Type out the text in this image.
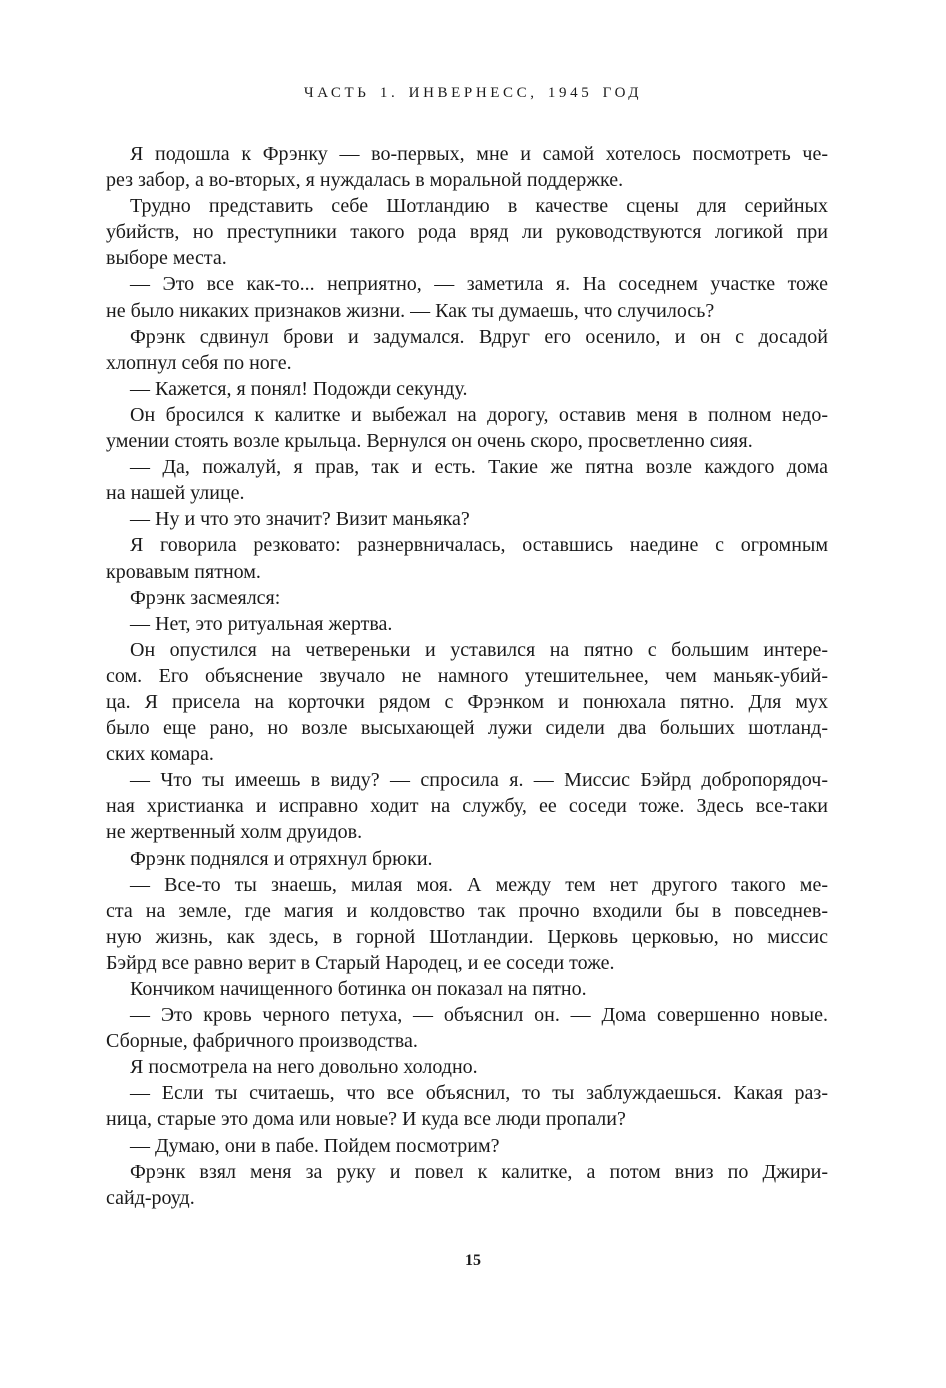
ЧАСТЬ 1. ИНВЕРНЕСС, 1945 ГОД
Я подошла к Фрэнку — во-первых, мне и самой хотелось посмотреть че-
рез забор, а во-вторых, я нуждалась в моральной поддержке.
Трудно представить себе Шотландию в качестве сцены для серийных
убийств, но преступники такого рода вряд ли руководствуются логикой при
выборе места.
— Это все как-то... неприятно, — заметила я. На соседнем участке тоже
не было никаких признаков жизни. — Как ты думаешь, что случилось?
Фрэнк сдвинул брови и задумался. Вдруг его осенило, и он с досадой
хлопнул себя по ноге.
— Кажется, я понял! Подожди секунду.
Он бросился к калитке и выбежал на дорогу, оставив меня в полном недо-
умении стоять возле крыльца. Вернулся он очень скоро, просветленно сияя.
— Да, пожалуй, я прав, так и есть. Такие же пятна возле каждого дома
на нашей улице.
— Ну и что это значит? Визит маньяка?
Я говорила резковато: разнервничалась, оставшись наедине с огромным
кровавым пятном.
Фрэнк засмеялся:
— Нет, это ритуальная жертва.
Он опустился на четвереньки и уставился на пятно с большим интере-
сом. Его объяснение звучало не намного утешительнее, чем маньяк-убий-
ца. Я присела на корточки рядом с Фрэнком и понюхала пятно. Для мух
было еще рано, но возле высыхающей лужи сидели два больших шотланд-
ских комара.
— Что ты имеешь в виду? — спросила я. — Миссис Бэйрд добропорядоч-
ная христианка и исправно ходит на службу, ее соседи тоже. Здесь все-таки
не жертвенный холм друидов.
Фрэнк поднялся и отряхнул брюки.
— Все-то ты знаешь, милая моя. А между тем нет другого такого ме-
ста на земле, где магия и колдовство так прочно входили бы в повседнев-
ную жизнь, как здесь, в горной Шотландии. Церковь церковью, но миссис
Бэйрд все равно верит в Старый Народец, и ее соседи тоже.
Кончиком начищенного ботинка он показал на пятно.
— Это кровь черного петуха, — объяснил он. — Дома совершенно новые.
Сборные, фабричного производства.
Я посмотрела на него довольно холодно.
— Если ты считаешь, что все объяснил, то ты заблуждаешься. Какая раз-
ница, старые это дома или новые? И куда все люди пропали?
— Думаю, они в пабе. Пойдем посмотрим?
Фрэнк взял меня за руку и повел к калитке, а потом вниз по Джири-
сайд-роуд.
15
